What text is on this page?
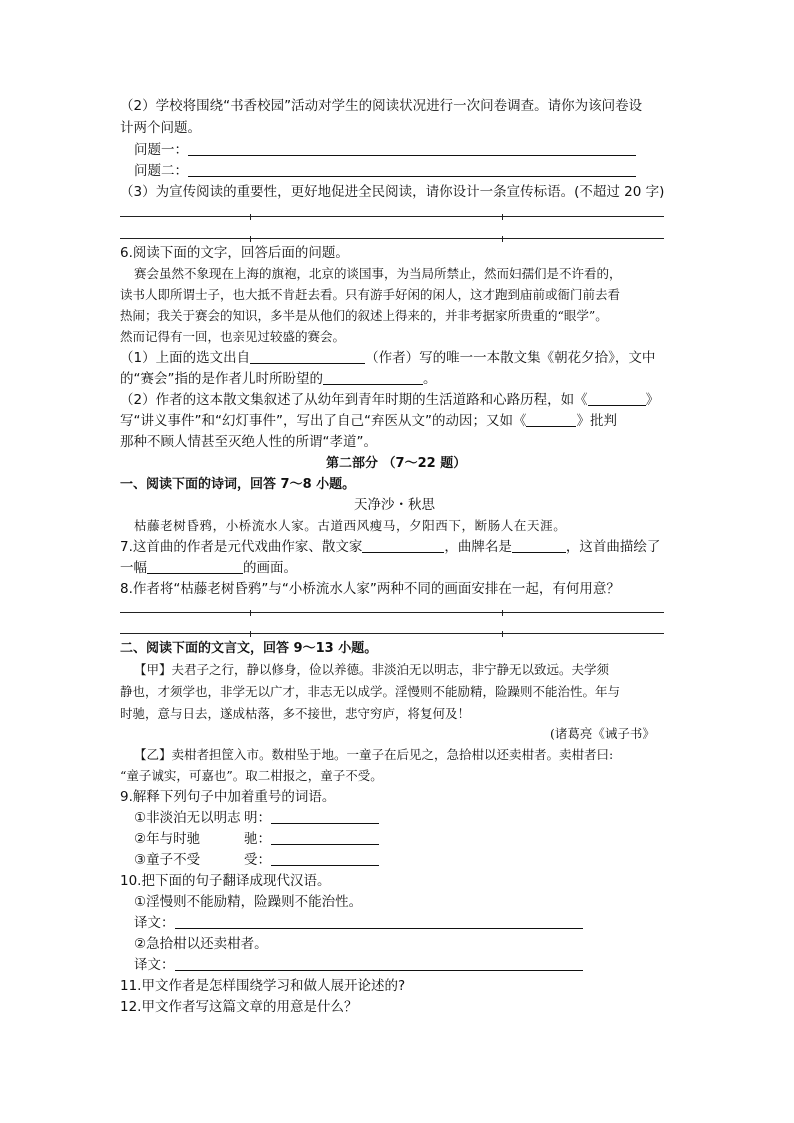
（2）学校将围绕“书香校园”活动对学生的阅读状况进行一次问卷调查。请你为该问卷设
计两个问题。
问题一：
问题二：
（3）为宣传阅读的重要性，更好地促进全民阅读，请你设计一条宣传标语。(不超过 20 字)
6.阅读下面的文字，回答后面的问题。
赛会虽然不象现在上海的旗袍，北京的谈国事，为当局所禁止，然而妇孺们是不许看的，
读书人即所谓士子，也大抵不肯赶去看。只有游手好闲的闲人，这才跑到庙前或衙门前去看
热闹；我关于赛会的知识，多半是从他们的叙述上得来的，并非考据家所贵重的“眼学”。
然而记得有一回，也亲见过较盛的赛会。
（1）上面的选文出自	（作者）写的唯一一本散文集《朝花夕拾》，文中
的“赛会”指的是作者儿时所盼望的	。
（2）作者的这本散文集叙述了从幼年到青年时期的生活道路和心路历程，如《	》
写“讲义事件”和“幻灯事件”，写出了自己“弃医从文”的动因；又如《	》批判
那种不顾人情甚至灭绝人性的所谓“孝道”。
第二部分 （7～22 题）
一、阅读下面的诗词，回答 7～8 小题。
天净沙・秋思
枯藤老树昏鸦，小桥流水人家。古道西风瘦马，夕阳西下，断肠人在天涯。
7.这首曲的作者是元代戏曲作家、散文家	，曲牌名是	，这首曲描绘了
一幅	的画面。
8.作者将“枯藤老树昏鸦”与“小桥流水人家”两种不同的画面安排在一起，有何用意？
二、阅读下面的文言文，回答 9～13 小题。
【甲】夫君子之行，静以修身，俭以养德。非淡泊无以明志，非宁静无以致远。夫学须
静也，才须学也，非学无以广才，非志无以成学。淫慢则不能励精，险躁则不能治性。年与
时驰，意与日去，遂成枯落，多不接世，悲守穷庐，将复何及！
(诸葛亮《诫子书》
【乙】卖柑者担筐入市。数柑坠于地。一童子在后见之，急拾柑以还卖柑者。卖柑者曰:
“童子诚实，可嘉也”。取二柑报之，童子不受。
9.解释下列句子中加着重号的词语。
①非淡泊无以明志 明：
②年与时驰	驰：
③童子不受	受：
10.把下面的句子翻译成现代汉语。
①淫慢则不能励精，险躁则不能治性。
译文：
②急拾柑以还卖柑者。
译文：
11.甲文作者是怎样围绕学习和做人展开论述的?
12.甲文作者写这篇文章的用意是什么？
